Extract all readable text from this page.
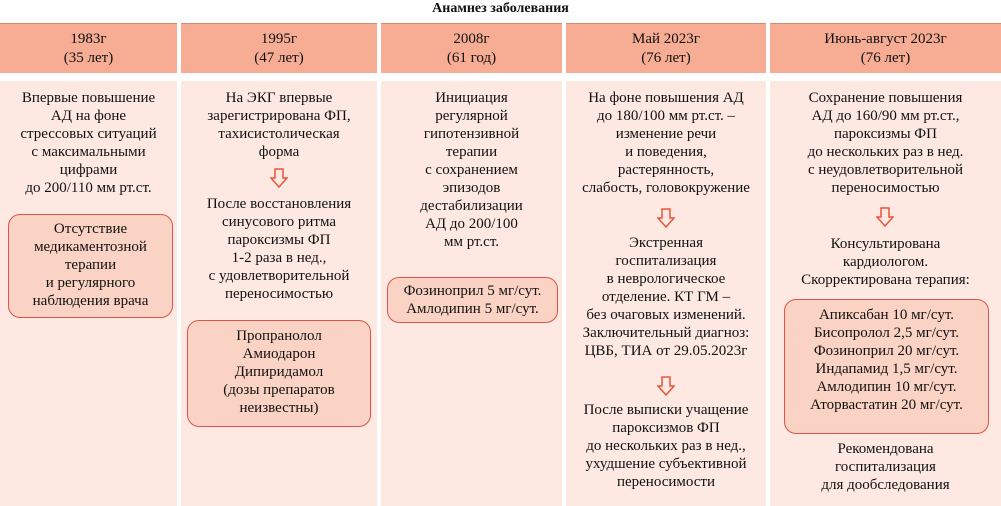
Анамнез заболевания
1983г
(35 лет)
1995г
(47 лет)
2008г
(61 год)
Май 2023г
(76 лет)
Июнь-август 2023г
(76 лет)
Впервые повышение
АД на фоне
стрессовых ситуаций
с максимальными
цифрами
до 200/110 мм рт.ст.
Отсутствие
медикаментозной
терапии
и регулярного
наблюдения врача
На ЭКГ впервые
зарегистрирована ФП,
тахисистолическая
форма
После восстановления
синусового ритма
пароксизмы ФП
1-2 раза в нед.,
с удовлетворительной
переносимостью
Пропранолол
Амиодарон
Дипиридамол
(дозы препаратов
неизвестны)
Инициация
регулярной
гипотензивной
терапии
с сохранением
эпизодов
дестабилизации
АД до 200/100
мм рт.ст.
Фозиноприл 5 мг/сут.
Амлодипин 5 мг/сут.
На фоне повышения АД
до 180/100 мм рт.ст. –
изменение речи
и поведения,
растерянность,
слабость, головокружение
Экстренная
госпитализация
в неврологическое
отделение. КТ ГМ –
без очаговых изменений.
Заключительный диагноз:
ЦВБ, ТИА от 29.05.2023г
После выписки учащение
пароксизмов ФП
до нескольких раз в нед.,
ухудшение субъективной
переносимости
Сохранение повышения
АД до 160/90 мм рт.ст.,
пароксизмы ФП
до нескольких раз в нед.
с неудовлетворительной
переносимостью
Консультирована
кардиологом.
Скорректирована терапия:
Апиксабан 10 мг/сут.
Бисопролол 2,5 мг/сут.
Фозиноприл 20 мг/сут.
Индапамид 1,5 мг/сут.
Амлодипин 10 мг/сут.
Аторвастатин 20 мг/сут.
Рекомендована
госпитализация
для дообследования
